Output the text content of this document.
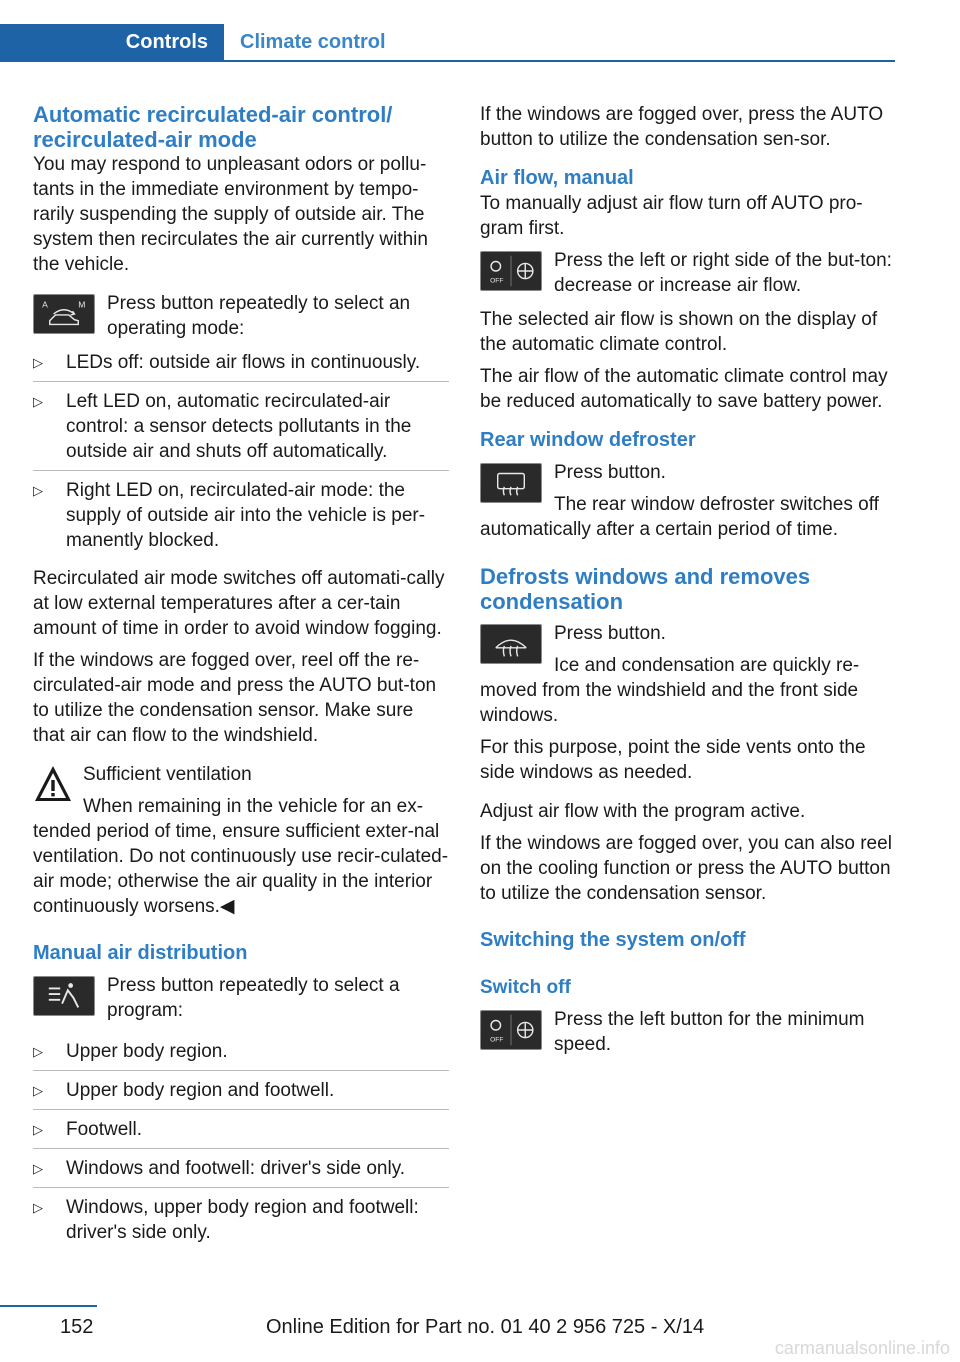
Controls	Climate control
Automatic recirculated-air control/ recirculated-air mode

You may respond to unpleasant odors or pollu-tants in the immediate environment by tempo-rarily suspending the supply of outside air. The system then recirculates the air currently within the vehicle.

A	M Press button repeatedly to select an operating mode:
▷ LEDs off: outside air flows in continuously.
▷ Left LED on, automatic recirculated-air control: a sensor detects pollutants in the outside air and shuts off automatically.
▷ Right LED on, recirculated-air mode: the supply of outside air into the vehicle is per-manently blocked.

Recirculated air mode switches off automati-cally at low external temperatures after a cer-tain amount of time in order to avoid window fogging.

If the windows are fogged over, reel off the re-circulated-air mode and press the AUTO but-ton to utilize the condensation sensor. Make sure that air can flow to the windshield.

Sufficient ventilation

When remaining in the vehicle for an ex-tended period of time, ensure sufficient exter-nal ventilation. Do not continuously use recir-culated-air mode; otherwise the air quality in the interior continuously worsens.◀

Manual air distribution
Press button repeatedly to select a program:
▷ Upper body region.
▷ Upper body region and footwell.
▷ Footwell.
▷ Windows and footwell: driver's side only.
▷ Windows, upper body region and footwell: driver's side only.

If the windows are fogged over, press the AUTO button to utilize the condensation sen-sor.

Air flow, manual

To manually adjust air flow turn off AUTO pro-gram first.

OFF
Press the left or right side of the but-ton: decrease or increase air flow.

The selected air flow is shown on the display of the automatic climate control.

The air flow of the automatic climate control may be reduced automatically to save battery power.

Rear window defroster
Press button.
The rear window defroster switches off automatically after a certain period of time.
Defrosts windows and removes condensation
Press button.
Ice and condensation are quickly re-moved from the windshield and the front side windows.

For this purpose, point the side vents onto the side windows as needed.

Adjust air flow with the program active.

If the windows are fogged over, you can also reel on the cooling function or press the AUTO button to utilize the condensation sensor.

Switching the system on/off
Switch off
OFF
Press the left button for the minimum speed.
152	Online Edition for Part no. 01 40 2 956 725 - X/14
carmanualsonline.info
